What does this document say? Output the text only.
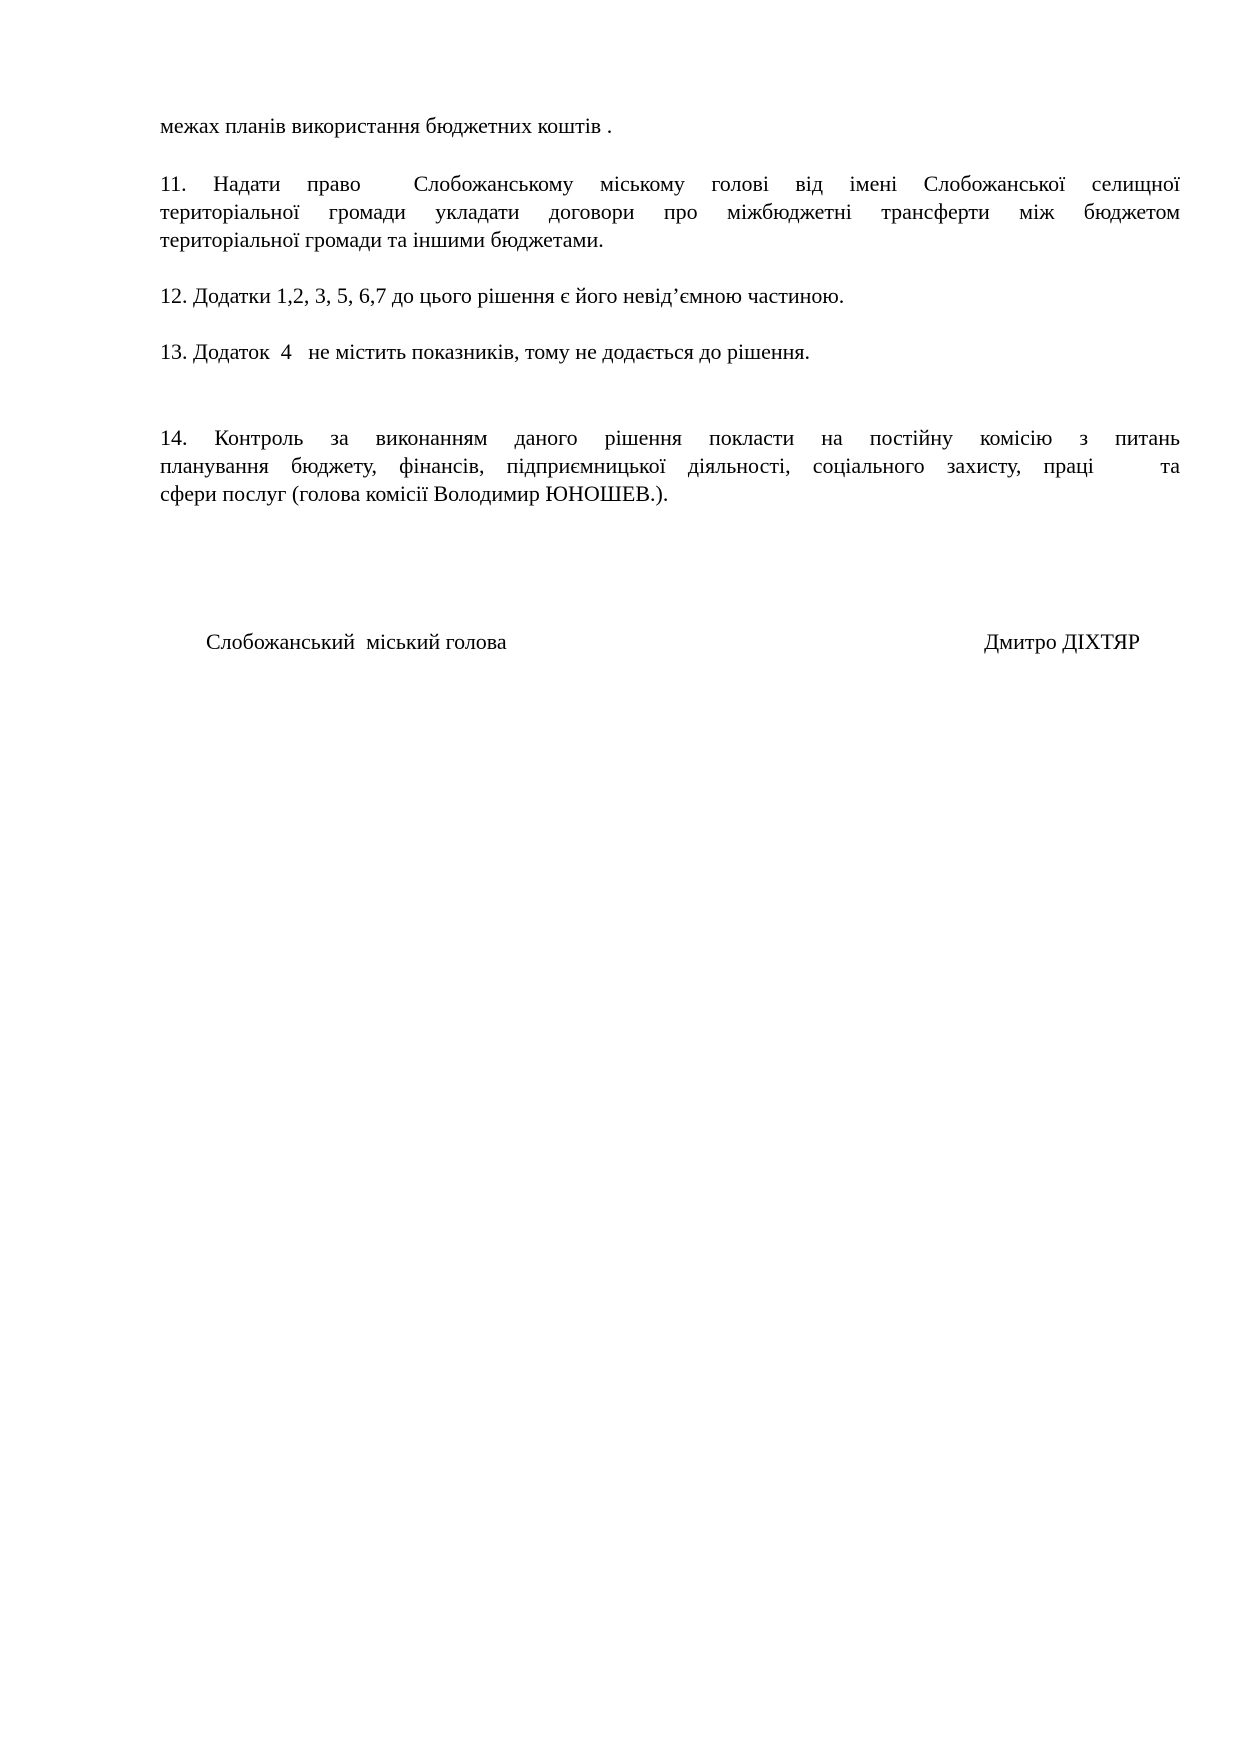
межах планів використання бюджетних коштів .

11. Надати право  Слобожанському міському голові від імені Слобожанської селищної
територіальної громади укладати договори про міжбюджетні трансферти між бюджетом
територіальної громади та іншими бюджетами.

12. Додатки 1,2, 3, 5, 6,7 до цього рішення є його невід’ємною частиною.

13. Додаток  4   не містить показників, тому не додається до рішення.

14. Контроль за виконанням даного рішення покласти на постійну комісію з питань
планування бюджету, фінансів, підприємницької діяльності, соціального захисту, праці   та
сфери послуг (голова комісії Володимир ЮНОШЕВ.).

Слобожанський  міський голова	Дмитро ДІХТЯР
